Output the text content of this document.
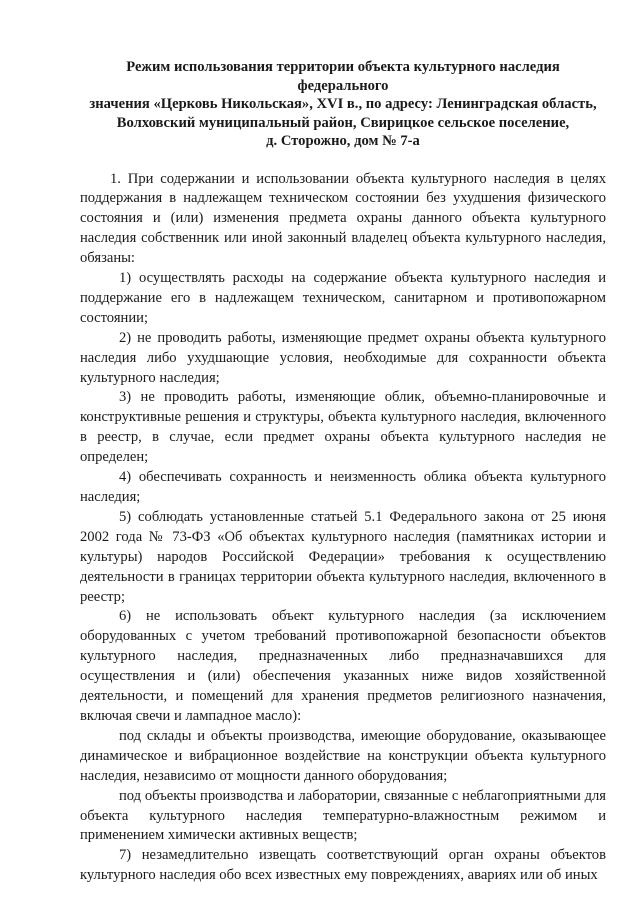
Режим использования территории объекта культурного наследия федерального
значения «Церковь Никольская», XVI в., по адресу: Ленинградская область,
Волховский муниципальный район, Свирицкое сельское поселение,
д. Сторожно, дом № 7-а

1. При содержании и использовании объекта культурного наследия в целях поддержания в надлежащем техническом состоянии без ухудшения физического состояния и (или) изменения предмета охраны данного объекта культурного наследия собственник или иной законный владелец объекта культурного наследия, обязаны:

1) осуществлять расходы на содержание объекта культурного наследия и поддержание его в надлежащем техническом, санитарном и противопожарном состоянии;

2) не проводить работы, изменяющие предмет охраны объекта культурного наследия либо ухудшающие условия, необходимые для сохранности объекта культурного наследия;

3) не проводить работы, изменяющие облик, объемно-планировочные и конструктивные решения и структуры, объекта культурного наследия, включенного в реестр, в случае, если предмет охраны объекта культурного наследия не определен;

4) обеспечивать сохранность и неизменность облика объекта культурного наследия;

5) соблюдать установленные статьей 5.1 Федерального закона от 25 июня 2002 года № 73-ФЗ «Об объектах культурного наследия (памятниках истории и культуры) народов Российской Федерации» требования к осуществлению деятельности в границах территории объекта культурного наследия, включенного в реестр;

6) не использовать объект культурного наследия (за исключением оборудованных с учетом требований противопожарной безопасности объектов культурного наследия, предназначенных либо предназначавшихся для осуществления и (или) обеспечения указанных ниже видов хозяйственной деятельности, и помещений для хранения предметов религиозного назначения, включая свечи и лампадное масло):

под склады и объекты производства, имеющие оборудование, оказывающее динамическое и вибрационное воздействие на конструкции объекта культурного наследия, независимо от мощности данного оборудования;

под объекты производства и лаборатории, связанные с неблагоприятными для объекта культурного наследия температурно-влажностным режимом и применением химически активных веществ;

7) незамедлительно извещать соответствующий орган охраны объектов культурного наследия обо всех известных ему повреждениях, авариях или об иных
